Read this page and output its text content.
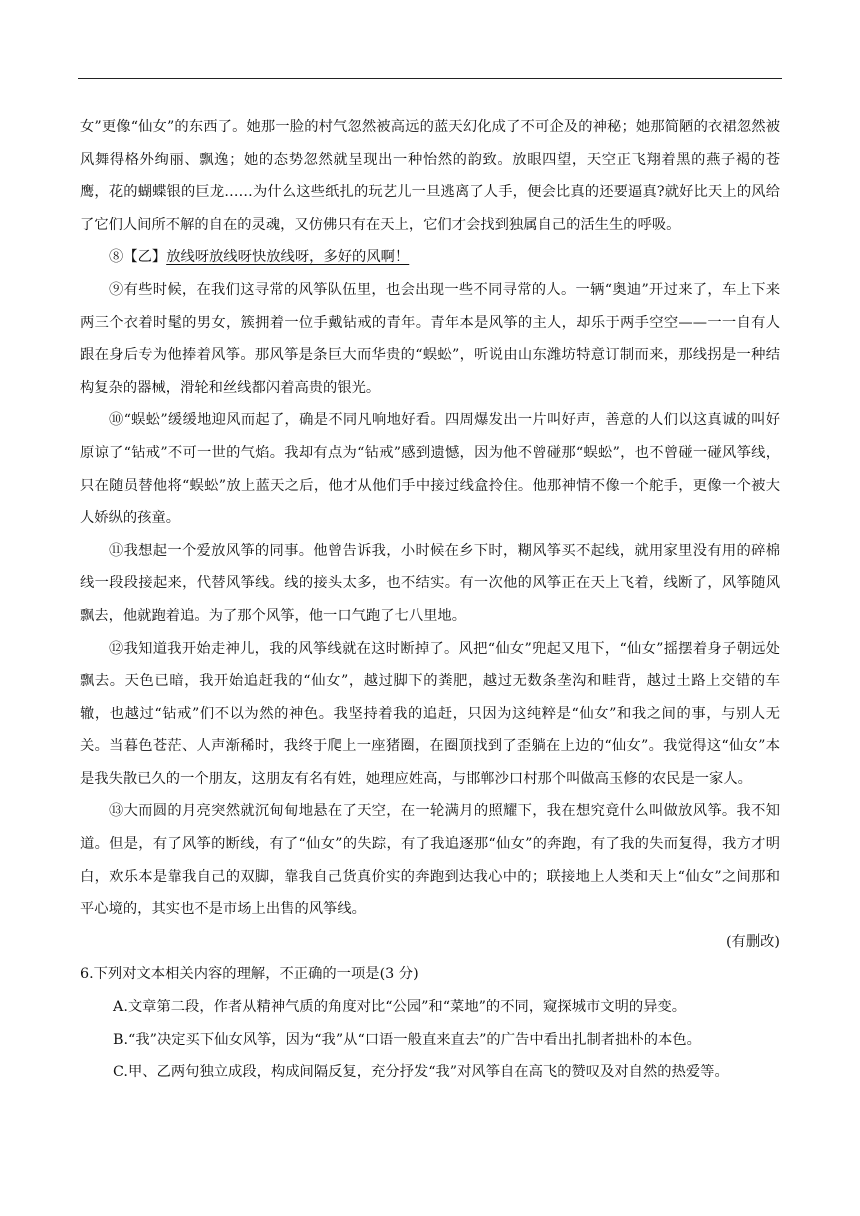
女”更像“仙女”的东西了。她那一脸的村气忽然被高远的蓝天幻化成了不可企及的神秘；她那简陋的衣裙忽然被风舞得格外绚丽、飘逸；她的态势忽然就呈现出一种怡然的韵致。放眼四望，天空正飞翔着黑的燕子褐的苍鹰，花的蝴蝶银的巨龙……为什么这些纸扎的玩艺儿一旦逃离了人手，便会比真的还要逼真?就好比天上的风给了它们人间所不解的自在的灵魂，又仿佛只有在天上，它们才会找到独属自己的活生生的呼吸。

⑧【乙】放线呀放线呀快放线呀，多好的风啊！

⑨有些时候，在我们这寻常的风筝队伍里，也会出现一些不同寻常的人。一辆“奥迪”开过来了，车上下来两三个衣着时髦的男女，簇拥着一位手戴钻戒的青年。青年本是风筝的主人，却乐于两手空空——一一自有人跟在身后专为他捧着风筝。那风筝是条巨大而华贵的“蜈蚣”，听说由山东潍坊特意订制而来，那线拐是一种结构复杂的器械，滑轮和丝线都闪着高贵的银光。

⑩“蜈蚣”缓缓地迎风而起了，确是不同凡响地好看。四周爆发出一片叫好声，善意的人们以这真诚的叫好原谅了“钻戒”不可一世的气焰。我却有点为“钻戒”感到遗憾，因为他不曾碰那“蜈蚣”，也不曾碰一碰风筝线，只在随员替他将“蜈蚣”放上蓝天之后，他才从他们手中接过线盒拎住。他那神情不像一个舵手，更像一个被大人娇纵的孩童。

⑪我想起一个爱放风筝的同事。他曾告诉我，小时候在乡下时，糊风筝买不起线，就用家里没有用的碎棉线一段段接起来，代替风筝线。线的接头太多，也不结实。有一次他的风筝正在天上飞着，线断了，风筝随风飘去，他就跑着追。为了那个风筝，他一口气跑了七八里地。

⑫我知道我开始走神儿，我的风筝线就在这时断掉了。风把“仙女”兜起又甩下，“仙女”摇摆着身子朝远处飘去。天色已暗，我开始追赶我的“仙女”，越过脚下的粪肥，越过无数条垄沟和畦背，越过土路上交错的车辙，也越过“钻戒”们不以为然的神色。我坚持着我的追赶，只因为这纯粹是“仙女”和我之间的事，与别人无关。当暮色苍茫、人声渐稀时，我终于爬上一座猪圈，在圈顶找到了歪躺在上边的“仙女”。我觉得这“仙女”本是我失散已久的一个朋友，这朋友有名有姓，她理应姓高，与邯郸沙口村那个叫做高玉修的农民是一家人。

⑬大而圆的月亮突然就沉甸甸地悬在了天空，在一轮满月的照耀下，我在想究竟什么叫做放风筝。我不知道。但是，有了风筝的断线，有了“仙女”的失踪，有了我追逐那“仙女”的奔跑，有了我的失而复得，我方才明白，欢乐本是靠我自己的双脚，靠我自己货真价实的奔跑到达我心中的；联接地上人类和天上“仙女”之间那和平心境的，其实也不是市场上出售的风筝线。

(有删改)

6.下列对文本相关内容的理解，不正确的一项是(3 分)

A.文章第二段，作者从精神气质的角度对比“公园”和“菜地”的不同，窥探城市文明的异变。

B.“我”决定买下仙女风筝，因为“我”从“口语一般直来直去”的广告中看出扎制者拙朴的本色。

C.甲、乙两句独立成段，构成间隔反复，充分抒发“我”对风筝自在高飞的赞叹及对自然的热爱等。
